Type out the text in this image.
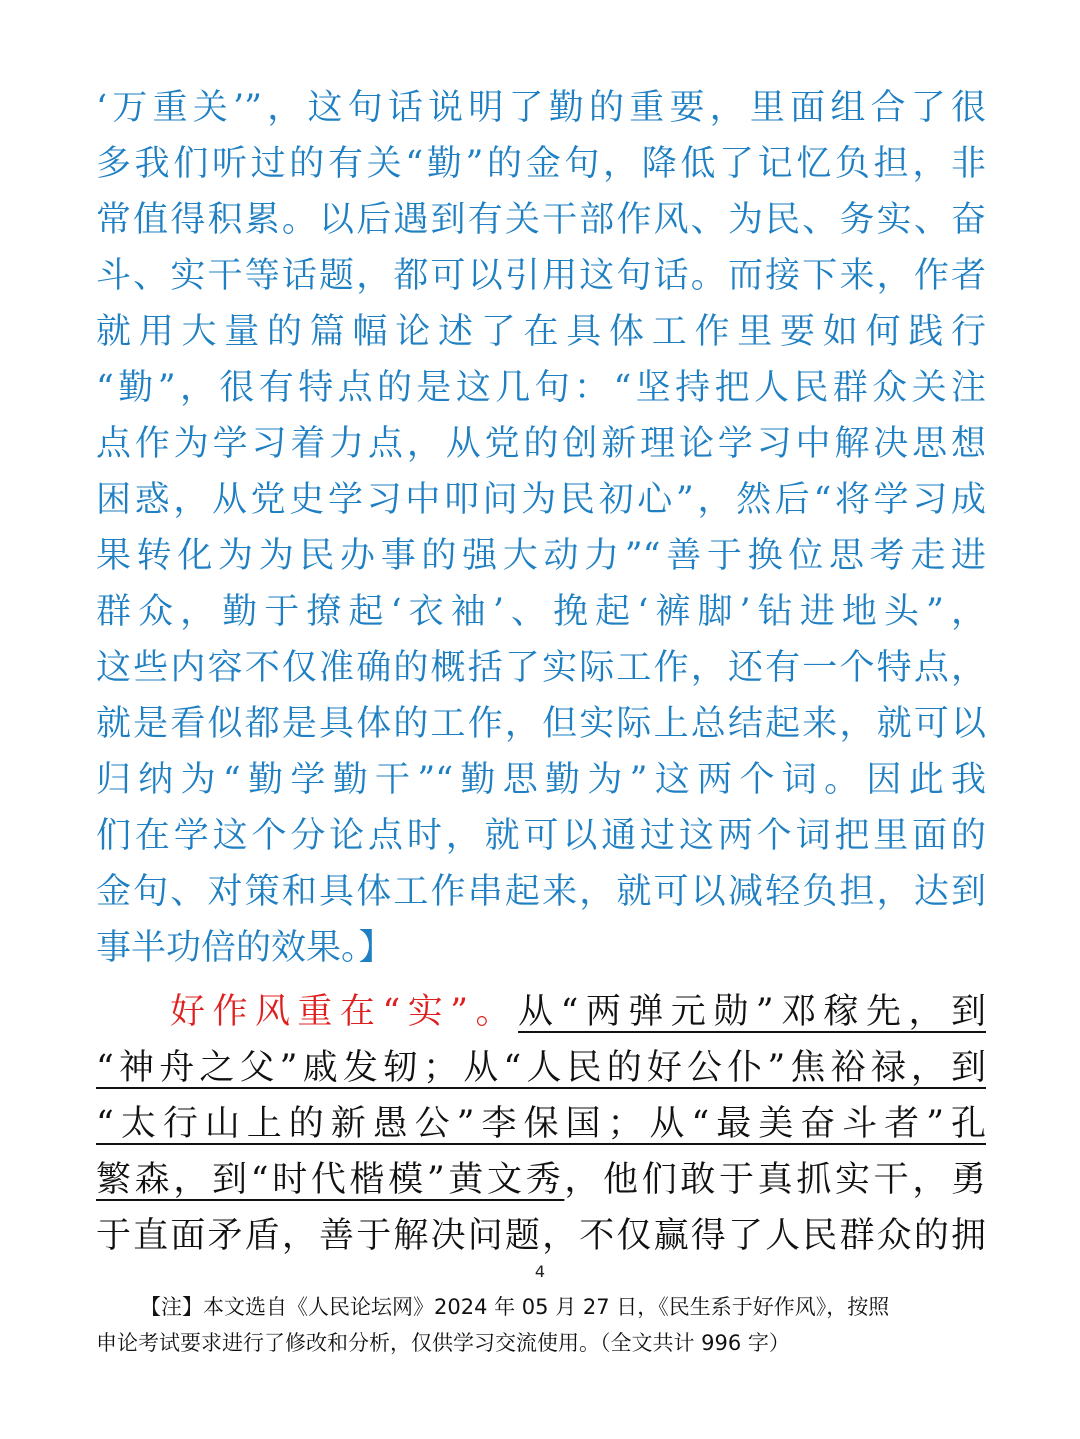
‘万重关’”，这句话说明了勤的重要，里面组合了很
多我们听过的有关“勤”的金句，降低了记忆负担，非
常值得积累。以后遇到有关干部作风、为民、务实、奋
斗、实干等话题，都可以引用这句话。而接下来，作者
就用大量的篇幅论述了在具体工作里要如何践行
“勤”，很有特点的是这几句：“坚持把人民群众关注
点作为学习着力点，从党的创新理论学习中解决思想
困惑，从党史学习中叩问为民初心”，然后“将学习成
果转化为为民办事的强大动力”“善于换位思考走进
群众，勤于撩起‘衣袖’、挽起‘裤脚’钻进地头”，
这些内容不仅准确的概括了实际工作，还有一个特点，
就是看似都是具体的工作，但实际上总结起来，就可以
归纳为“勤学勤干”“勤思勤为”这两个词。因此我
们在学这个分论点时，就可以通过这两个词把里面的
金句、对策和具体工作串起来，就可以减轻负担，达到
事半功倍的效果。】
好作风重在“实”。从“两弹元勋”邓稼先，到
“神舟之父”戚发轫；从“人民的好公仆”焦裕禄，到
“太行山上的新愚公”李保国；从“最美奋斗者”孔
繁森，到“时代楷模”黄文秀，他们敢于真抓实干，勇
于直面矛盾，善于解决问题，不仅赢得了人民群众的拥
4
【注】本文选自《人民论坛网》2024 年 05 月 27 日，《民生系于好作风》，按照
申论考试要求进行了修改和分析，仅供学习交流使用。（全文共计 996 字）
